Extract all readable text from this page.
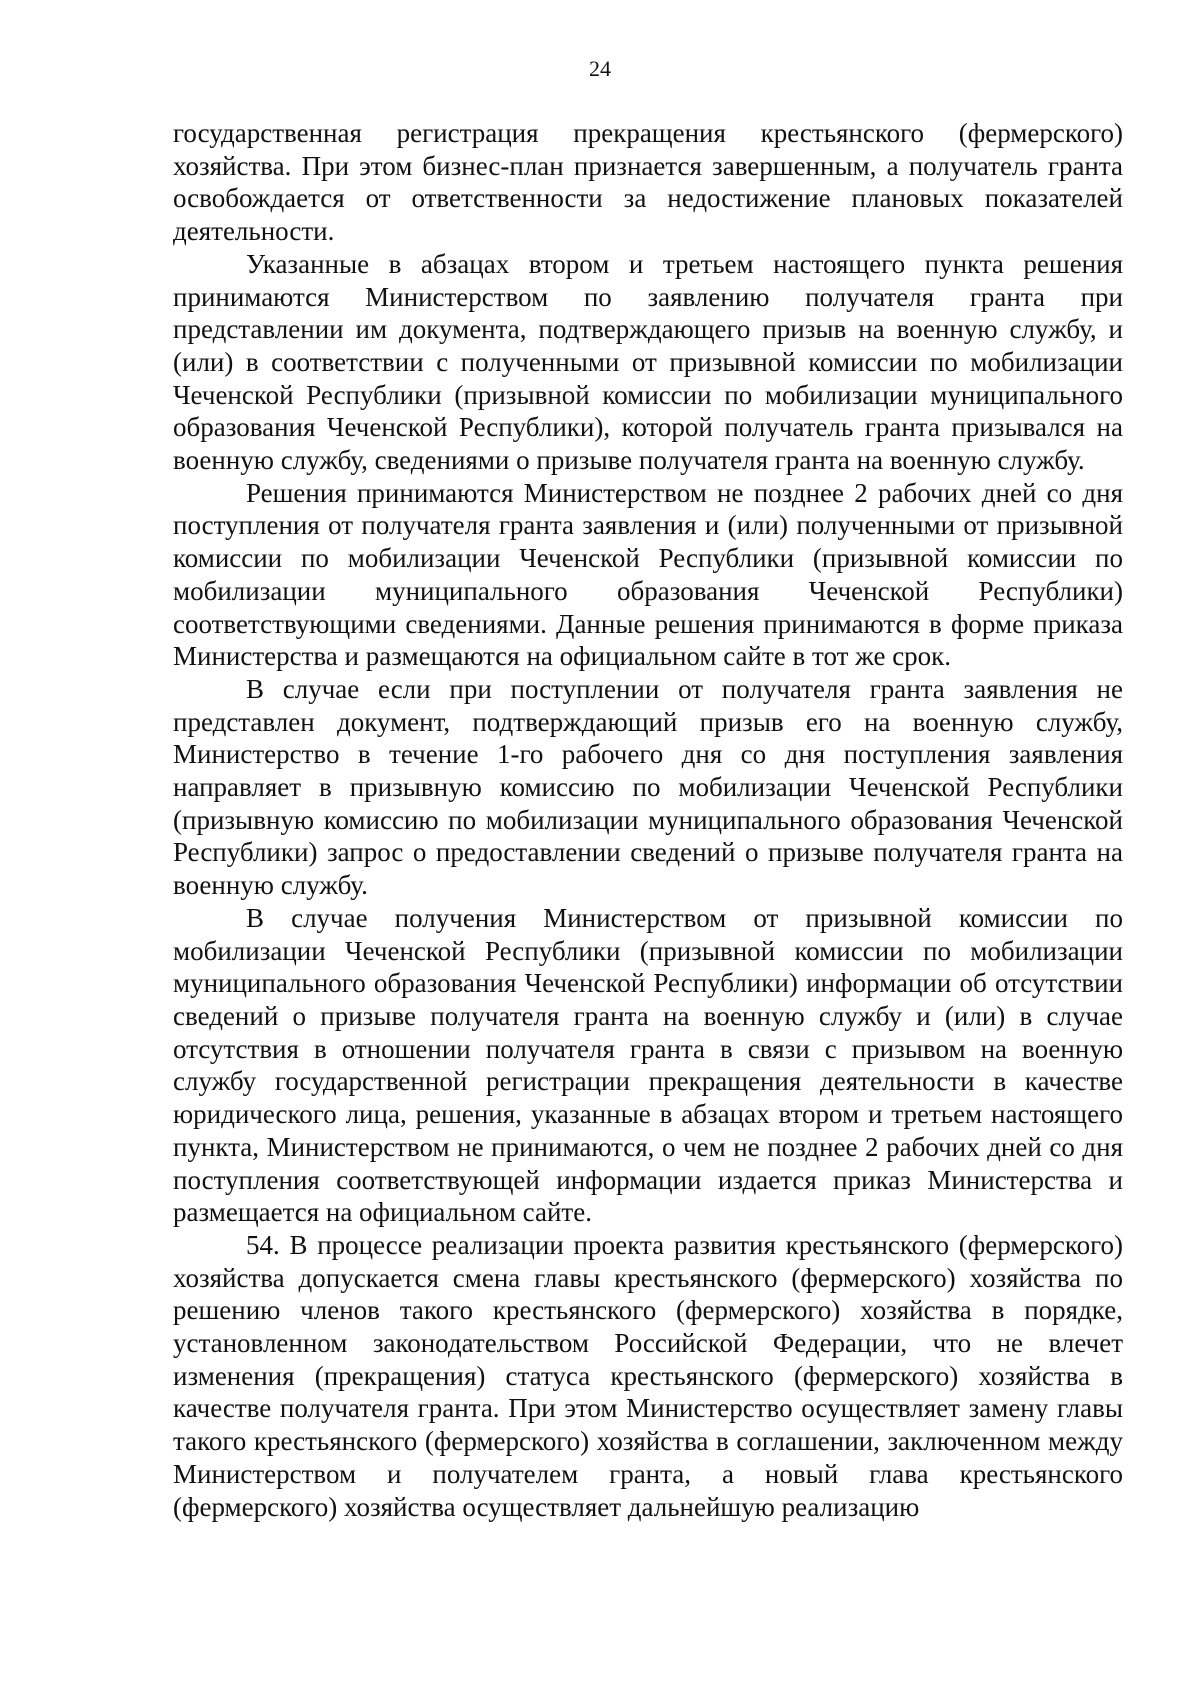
24

государственная регистрация прекращения крестьянского (фермерского) хозяйства. При этом бизнес-план признается завершенным, а получатель гранта освобождается от ответственности за недостижение плановых показателей деятельности.

Указанные в абзацах втором и третьем настоящего пункта решения принимаются Министерством по заявлению получателя гранта при представлении им документа, подтверждающего призыв на военную службу, и (или) в соответствии с полученными от призывной комиссии по мобилизации Чеченской Республики (призывной комиссии по мобилизации муниципального образования Чеченской Республики), которой получатель гранта призывался на военную службу, сведениями о призыве получателя гранта на военную службу.

Решения принимаются Министерством не позднее 2 рабочих дней со дня поступления от получателя гранта заявления и (или) полученными от призывной комиссии по мобилизации Чеченской Республики (призывной комиссии по мобилизации муниципального образования Чеченской Республики) соответствующими сведениями. Данные решения принимаются в форме приказа Министерства и размещаются на официальном сайте в тот же срок.

В случае если при поступлении от получателя гранта заявления не представлен документ, подтверждающий призыв его на военную службу, Министерство в течение 1-го рабочего дня со дня поступления заявления направляет в призывную комиссию по мобилизации Чеченской Республики (призывную комиссию по мобилизации муниципального образования Чеченской Республики) запрос о предоставлении сведений о призыве получателя гранта на военную службу.

В случае получения Министерством от призывной комиссии по мобилизации Чеченской Республики (призывной комиссии по мобилизации муниципального образования Чеченской Республики) информации об отсутствии сведений о призыве получателя гранта на военную службу и (или) в случае отсутствия в отношении получателя гранта в связи с призывом на военную службу государственной регистрации прекращения деятельности в качестве юридического лица, решения, указанные в абзацах втором и третьем настоящего пункта, Министерством не принимаются, о чем не позднее 2 рабочих дней со дня поступления соответствующей информации издается приказ Министерства и размещается на официальном сайте.

54. В процессе реализации проекта развития крестьянского (фермерского) хозяйства допускается смена главы крестьянского (фермерского) хозяйства по решению членов такого крестьянского (фермерского) хозяйства в порядке, установленном законодательством Российской Федерации, что не влечет изменения (прекращения) статуса крестьянского (фермерского) хозяйства в качестве получателя гранта. При этом Министерство осуществляет замену главы такого крестьянского (фермерского) хозяйства в соглашении, заключенном между Министерством и получателем гранта, а новый глава крестьянского (фермерского) хозяйства осуществляет дальнейшую реализацию
